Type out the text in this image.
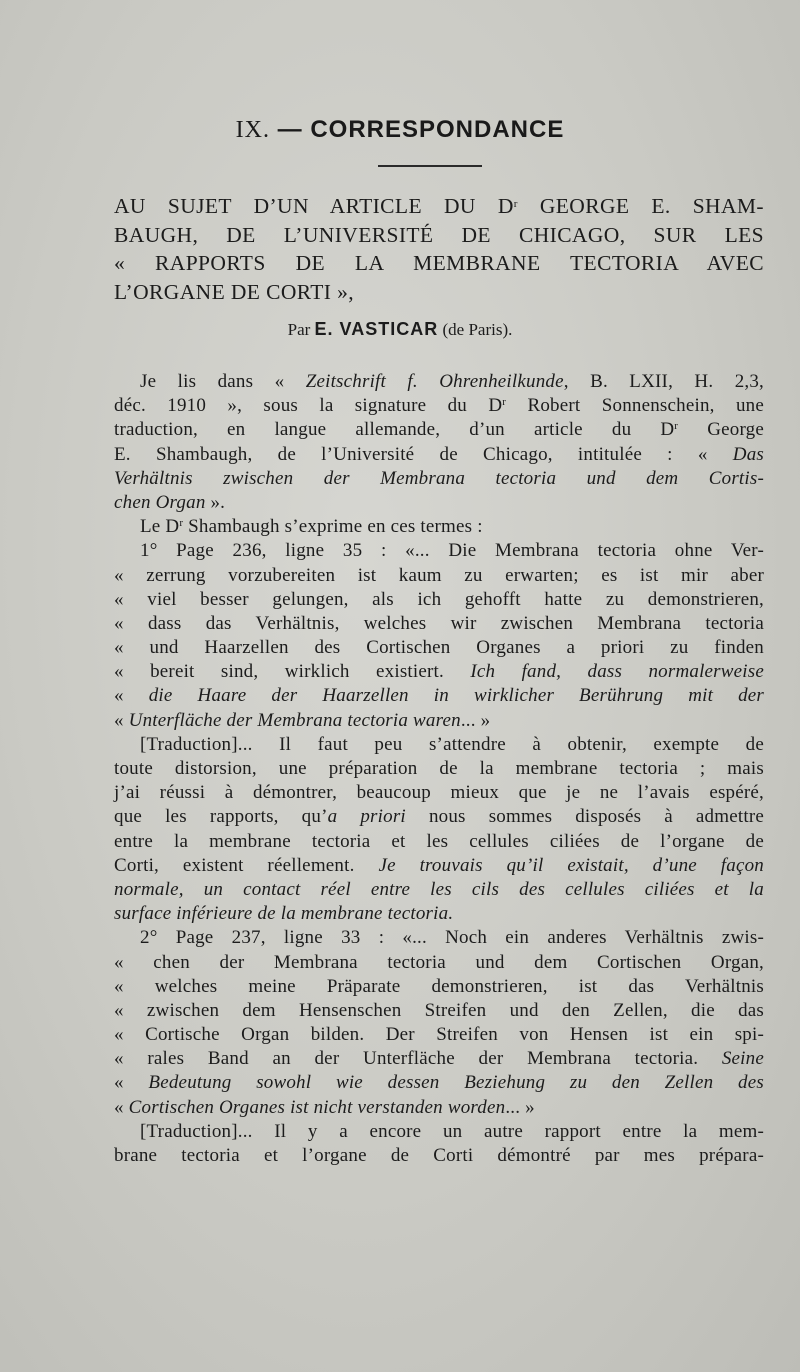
IX. — CORRESPONDANCE
AU SUJET D’UN ARTICLE DU $D^r$ GEORGE E. SHAM-
BAUGH, DE L’UNIVERSITÉ DE CHICAGO, SUR LES
« RAPPORTS DE LA MEMBRANE TECTORIA AVEC
L’ORGANE DE CORTI »,
Par E. VASTICAR (de Paris).
Je lis dans « Zeitschrift f. Ohrenheilkunde, B. LXII, H. 2,3,
déc. 1910 », sous la signature du $D^r$ Robert Sonnenschein, une
traduction, en langue allemande, d’un article du $D^r$ George
E. Shambaugh, de l’Université de Chicago, intitulée : « Das
Verhältnis zwischen der Membrana tectoria und dem Cortis-
chen Organ ».
Le $D^r$ Shambaugh s’exprime en ces termes :
1° Page 236, ligne 35 : «... Die Membrana tectoria ohne Ver-
« zerrung vorzubereiten ist kaum zu erwarten; es ist mir aber
« viel besser gelungen, als ich gehofft hatte zu demonstrieren,
« dass das Verhältnis, welches wir zwischen Membrana tectoria
« und Haarzellen des Cortischen Organes a priori zu finden
« bereit sind, wirklich existiert. Ich fand, dass normalerweise
« die Haare der Haarzellen in wirklicher Berührung mit der
« Unterfläche der Membrana tectoria waren... »
[Traduction]... Il faut peu s’attendre à obtenir, exempte de
toute distorsion, une préparation de la membrane tectoria ; mais
j’ai réussi à démontrer, beaucoup mieux que je ne l’avais espéré,
que les rapports, qu’a priori nous sommes disposés à admettre
entre la membrane tectoria et les cellules ciliées de l’organe de
Corti, existent réellement. Je trouvais qu’il existait, d’une façon
normale, un contact réel entre les cils des cellules ciliées et la
surface inférieure de la membrane tectoria.
2° Page 237, ligne 33 : «... Noch ein anderes Verhältnis zwis-
« chen der Membrana tectoria und dem Cortischen Organ,
« welches meine Präparate demonstrieren, ist das Verhältnis
« zwischen dem Hensenschen Streifen und den Zellen, die das
« Cortische Organ bilden. Der Streifen von Hensen ist ein spi-
« rales Band an der Unterfläche der Membrana tectoria. Seine
« Bedeutung sowohl wie dessen Beziehung zu den Zellen des
« Cortischen Organes ist nicht verstanden worden... »
[Traduction]... Il y a encore un autre rapport entre la mem-
brane tectoria et l’organe de Corti démontré par mes prépara-
